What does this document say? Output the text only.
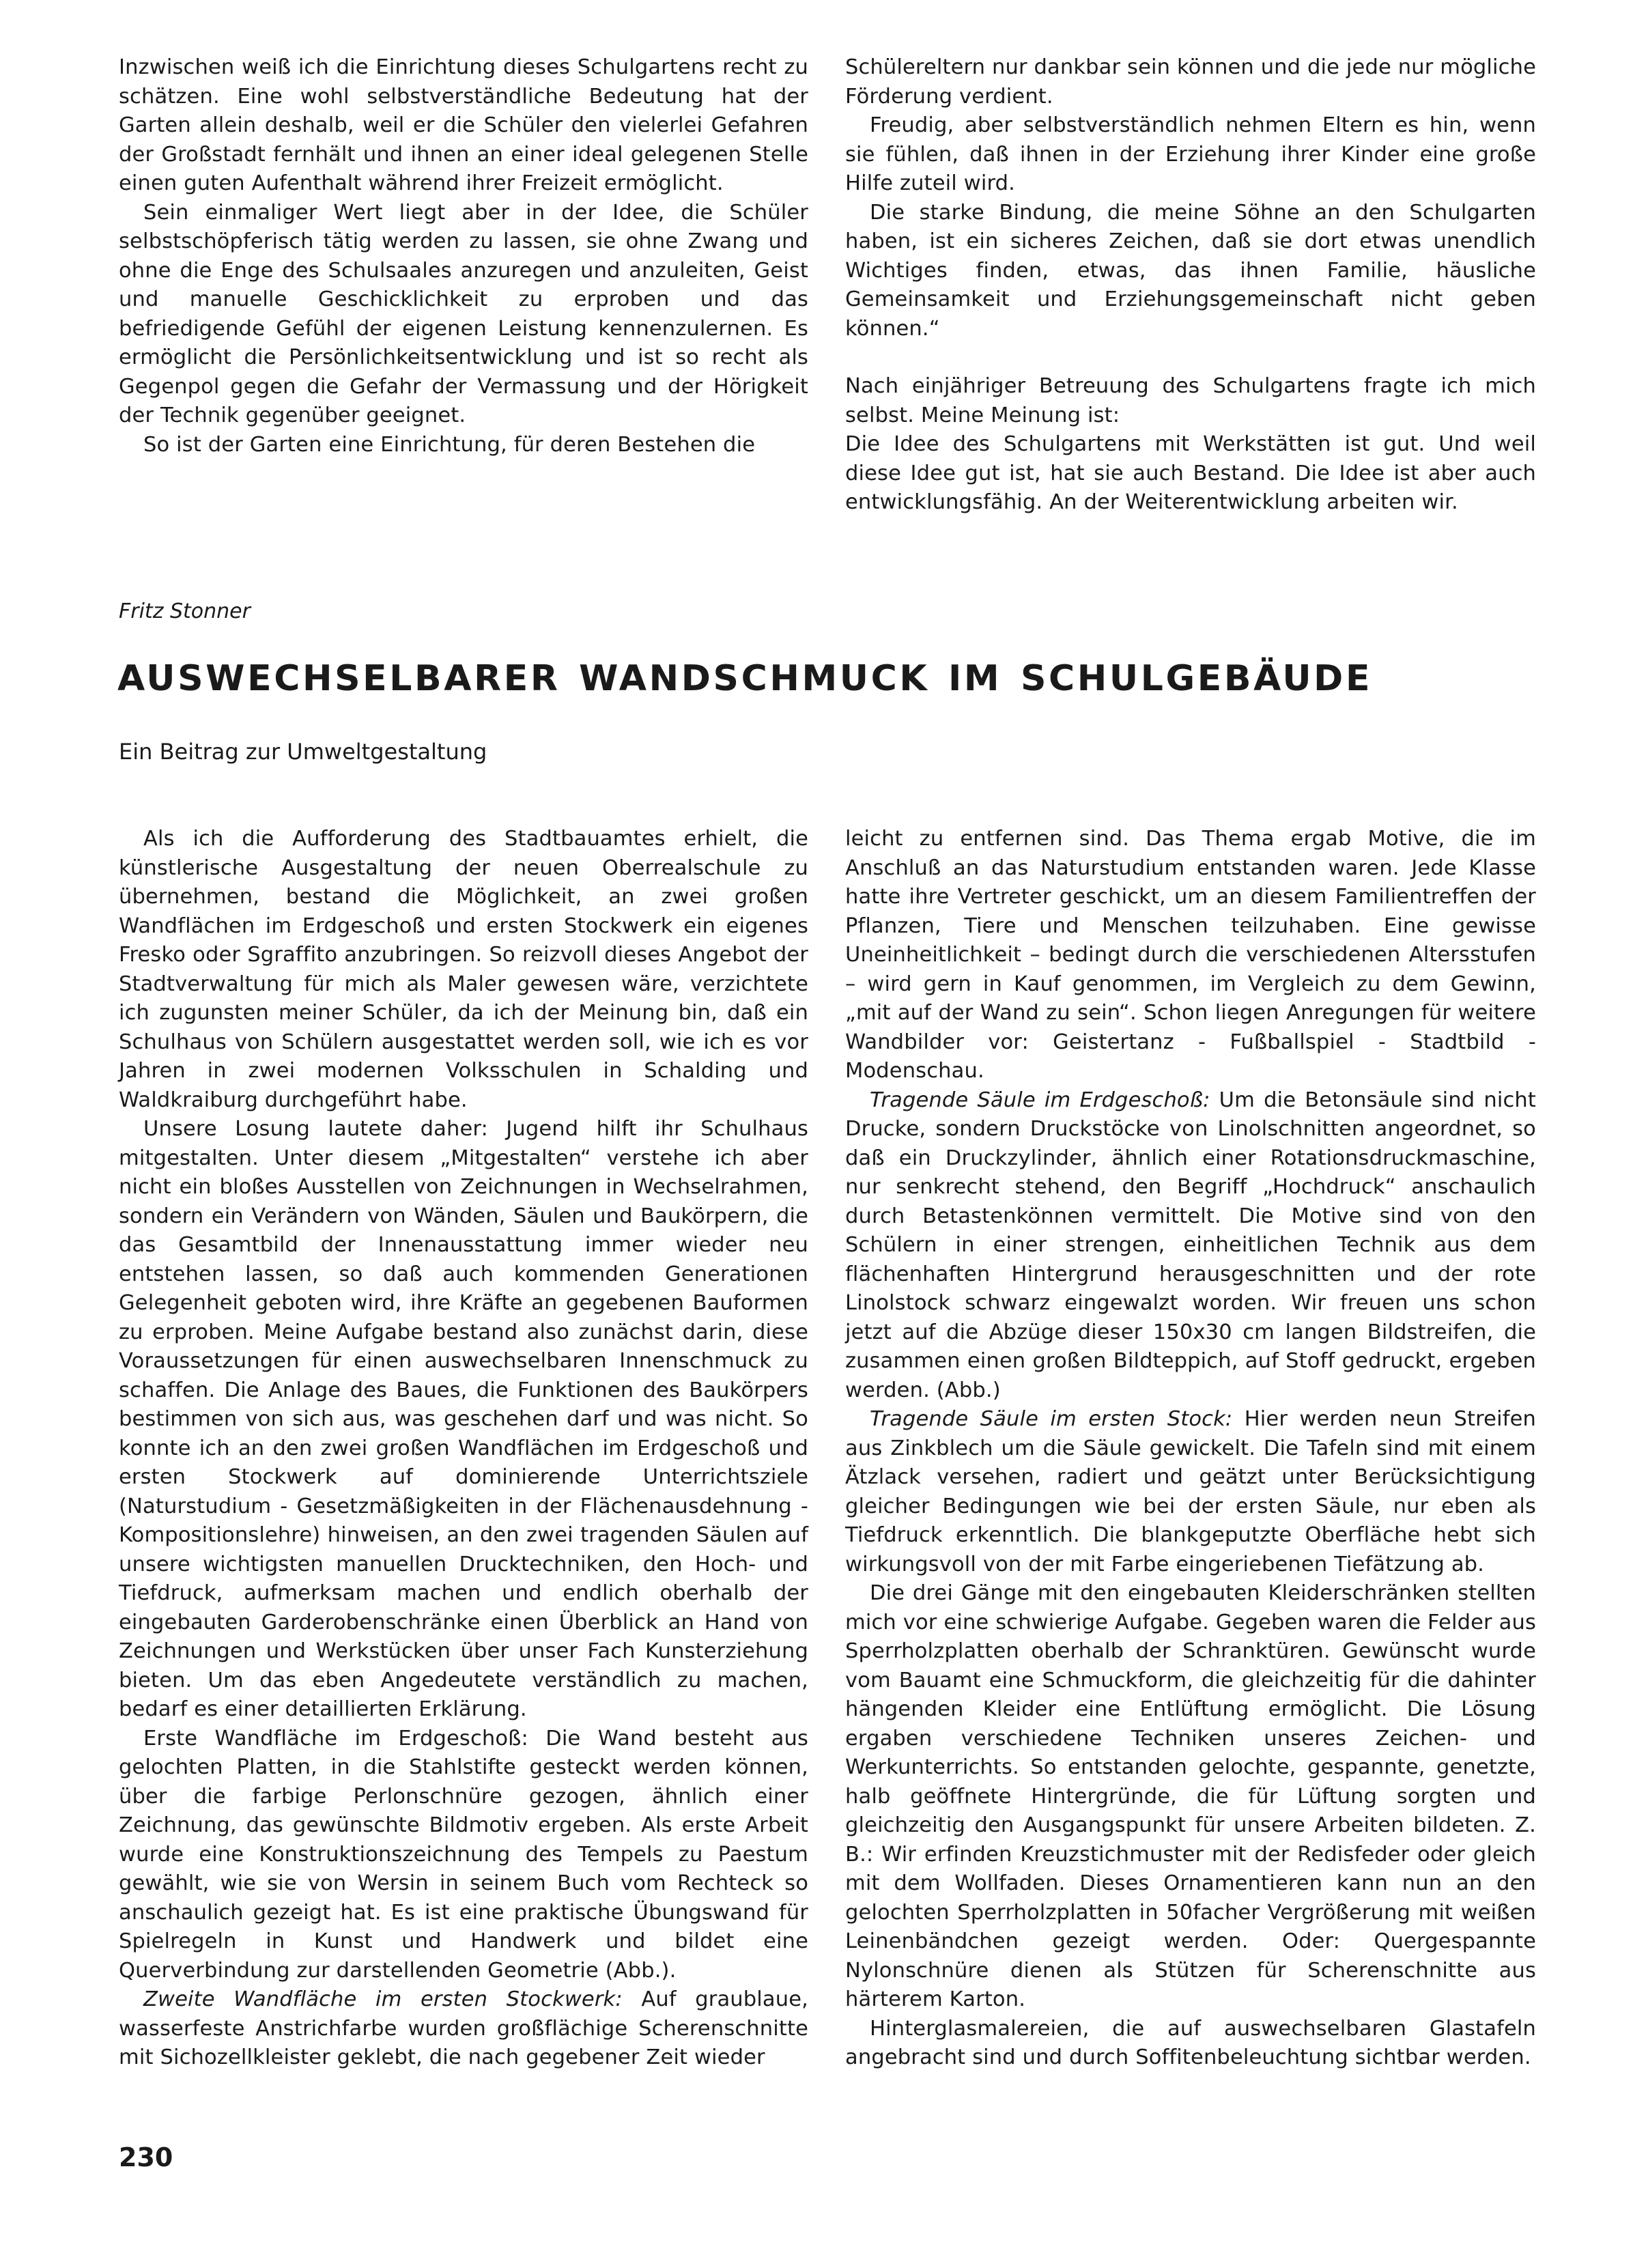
Inzwischen weiß ich die Einrichtung dieses Schulgartens recht zu schätzen. Eine wohl selbstverständliche Bedeutung hat der Garten allein deshalb, weil er die Schüler den vielerlei Gefahren der Großstadt fernhält und ihnen an einer ideal gelegenen Stelle einen guten Aufenthalt während ihrer Freizeit ermöglicht.

Sein einmaliger Wert liegt aber in der Idee, die Schüler selbstschöpferisch tätig werden zu lassen, sie ohne Zwang und ohne die Enge des Schulsaales anzuregen und anzuleiten, Geist und manuelle Geschicklichkeit zu erproben und das befriedigende Gefühl der eigenen Leistung kennenzulernen. Es ermöglicht die Persönlichkeitsentwicklung und ist so recht als Gegenpol gegen die Gefahr der Vermassung und der Hörigkeit der Technik gegenüber geeignet.

So ist der Garten eine Einrichtung, für deren Bestehen die

Schülereltern nur dankbar sein können und die jede nur mögliche Förderung verdient.

Freudig, aber selbstverständlich nehmen Eltern es hin, wenn sie fühlen, daß ihnen in der Erziehung ihrer Kinder eine große Hilfe zuteil wird.

Die starke Bindung, die meine Söhne an den Schulgarten haben, ist ein sicheres Zeichen, daß sie dort etwas unendlich Wichtiges finden, etwas, das ihnen Familie, häusliche Gemeinsamkeit und Erziehungsgemeinschaft nicht geben können.“

Nach einjähriger Betreuung des Schulgartens fragte ich mich selbst. Meine Meinung ist:

Die Idee des Schulgartens mit Werkstätten ist gut. Und weil diese Idee gut ist, hat sie auch Bestand. Die Idee ist aber auch entwicklungsfähig. An der Weiterentwicklung arbeiten wir.

Fritz Stonner
AUSWECHSELBARER WANDSCHMUCK IM SCHULGEBÄUDE
Ein Beitrag zur Umweltgestaltung

Als ich die Aufforderung des Stadtbauamtes erhielt, die künstlerische Ausgestaltung der neuen Oberrealschule zu übernehmen, bestand die Möglichkeit, an zwei großen Wandflächen im Erdgeschoß und ersten Stockwerk ein eigenes Fresko oder Sgraffito anzubringen. So reizvoll dieses Angebot der Stadtverwaltung für mich als Maler gewesen wäre, verzichtete ich zugunsten meiner Schüler, da ich der Meinung bin, daß ein Schulhaus von Schülern ausgestattet werden soll, wie ich es vor Jahren in zwei modernen Volksschulen in Schalding und Waldkraiburg durchgeführt habe.

Unsere Losung lautete daher: Jugend hilft ihr Schulhaus mitgestalten. Unter diesem „Mitgestalten“ verstehe ich aber nicht ein bloßes Ausstellen von Zeichnungen in Wechselrahmen, sondern ein Verändern von Wänden, Säulen und Baukörpern, die das Gesamtbild der Innenausstattung immer wieder neu entstehen lassen, so daß auch kommenden Generationen Gelegenheit geboten wird, ihre Kräfte an gegebenen Bauformen zu erproben. Meine Aufgabe bestand also zunächst darin, diese Voraussetzungen für einen auswechselbaren Innenschmuck zu schaffen. Die Anlage des Baues, die Funktionen des Baukörpers bestimmen von sich aus, was geschehen darf und was nicht. So konnte ich an den zwei großen Wandflächen im Erdgeschoß und ersten Stockwerk auf dominierende Unterrichtsziele (Naturstudium - Gesetzmäßigkeiten in der Flächenausdehnung - Kompositionslehre) hinweisen, an den zwei tragenden Säulen auf unsere wichtigsten manuellen Drucktechniken, den Hoch- und Tiefdruck, aufmerksam machen und endlich oberhalb der eingebauten Garderobenschränke einen Überblick an Hand von Zeichnungen und Werkstücken über unser Fach Kunsterziehung bieten. Um das eben Angedeutete verständlich zu machen, bedarf es einer detaillierten Erklärung.

Erste Wandfläche im Erdgeschoß: Die Wand besteht aus gelochten Platten, in die Stahlstifte gesteckt werden können, über die farbige Perlonschnüre gezogen, ähnlich einer Zeichnung, das gewünschte Bildmotiv ergeben. Als erste Arbeit wurde eine Konstruktionszeichnung des Tempels zu Paestum gewählt, wie sie von Wersin in seinem Buch vom Rechteck so anschaulich gezeigt hat. Es ist eine praktische Übungswand für Spielregeln in Kunst und Handwerk und bildet eine Querverbindung zur darstellenden Geometrie (Abb.).

Zweite Wandfläche im ersten Stockwerk: Auf graublaue, wasserfeste Anstrichfarbe wurden großflächige Scherenschnitte mit Sichozellkleister geklebt, die nach gegebener Zeit wieder

leicht zu entfernen sind. Das Thema ergab Motive, die im Anschluß an das Naturstudium entstanden waren. Jede Klasse hatte ihre Vertreter geschickt, um an diesem Familientreffen der Pflanzen, Tiere und Menschen teilzuhaben. Eine gewisse Uneinheitlichkeit – bedingt durch die verschiedenen Altersstufen – wird gern in Kauf genommen, im Vergleich zu dem Gewinn, „mit auf der Wand zu sein“. Schon liegen Anregungen für weitere Wandbilder vor: Geistertanz - Fußballspiel - Stadtbild - Modenschau.

Tragende Säule im Erdgeschoß: Um die Betonsäule sind nicht Drucke, sondern Druckstöcke von Linolschnitten angeordnet, so daß ein Druckzylinder, ähnlich einer Rotationsdruckmaschine, nur senkrecht stehend, den Begriff „Hochdruck“ anschaulich durch Betastenkönnen vermittelt. Die Motive sind von den Schülern in einer strengen, einheitlichen Technik aus dem flächenhaften Hintergrund herausgeschnitten und der rote Linolstock schwarz eingewalzt worden. Wir freuen uns schon jetzt auf die Abzüge dieser 150x30 cm langen Bildstreifen, die zusammen einen großen Bildteppich, auf Stoff gedruckt, ergeben werden. (Abb.)

Tragende Säule im ersten Stock: Hier werden neun Streifen aus Zinkblech um die Säule gewickelt. Die Tafeln sind mit einem Ätzlack versehen, radiert und geätzt unter Berücksichtigung gleicher Bedingungen wie bei der ersten Säule, nur eben als Tiefdruck erkenntlich. Die blankgeputzte Oberfläche hebt sich wirkungsvoll von der mit Farbe eingeriebenen Tiefätzung ab.

Die drei Gänge mit den eingebauten Kleiderschränken stellten mich vor eine schwierige Aufgabe. Gegeben waren die Felder aus Sperrholzplatten oberhalb der Schranktüren. Gewünscht wurde vom Bauamt eine Schmuckform, die gleichzeitig für die dahinter hängenden Kleider eine Entlüftung ermöglicht. Die Lösung ergaben verschiedene Techniken unseres Zeichen- und Werkunterrichts. So entstanden gelochte, gespannte, genetzte, halb geöffnete Hintergründe, die für Lüftung sorgten und gleichzeitig den Ausgangspunkt für unsere Arbeiten bildeten. Z. B.: Wir erfinden Kreuzstichmuster mit der Redisfeder oder gleich mit dem Wollfaden. Dieses Ornamentieren kann nun an den gelochten Sperrholzplatten in 50facher Vergrößerung mit weißen Leinenbändchen gezeigt werden. Oder: Quergespannte Nylonschnüre dienen als Stützen für Scherenschnitte aus härterem Karton.

Hinterglasmalereien, die auf auswechselbaren Glastafeln angebracht sind und durch Soffitenbeleuchtung sichtbar werden.

230
